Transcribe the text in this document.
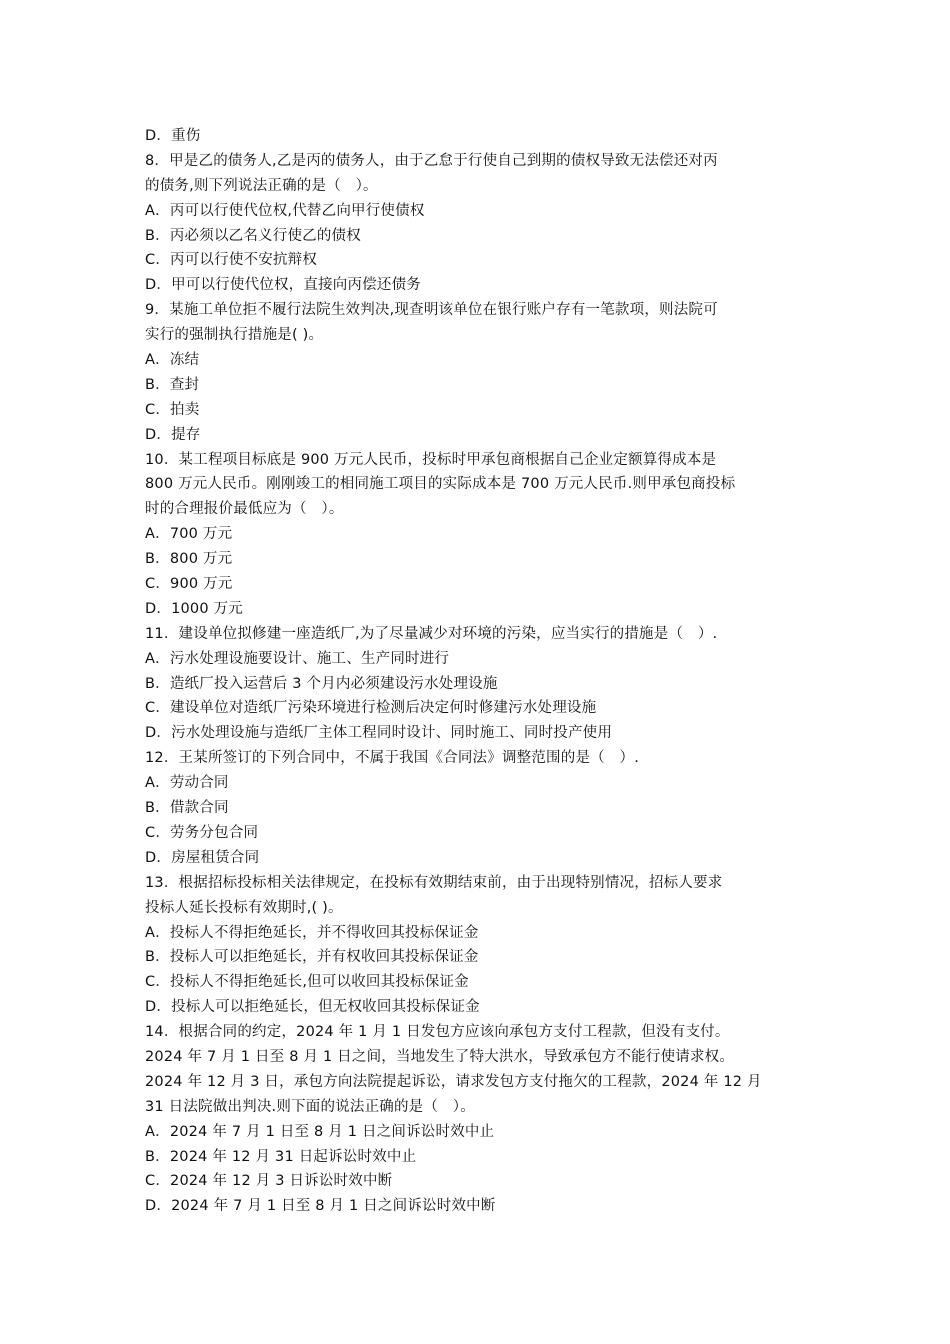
D．重伤
8．甲是乙的债务人,乙是丙的债务人，由于乙怠于行使自己到期的债权导致无法偿还对丙
的债务,则下列说法正确的是（　）。
A．丙可以行使代位权,代替乙向甲行使债权
B．丙必须以乙名义行使乙的债权
C．丙可以行使不安抗辩权
D．甲可以行使代位权，直接向丙偿还债务
9．某施工单位拒不履行法院生效判决,现查明该单位在银行账户存有一笔款项，则法院可
实行的强制执行措施是( )。
A．冻结
B．查封
C．拍卖
D．提存
10．某工程项目标底是 900 万元人民币，投标时甲承包商根据自己企业定额算得成本是
800 万元人民币。刚刚竣工的相同施工项目的实际成本是 700 万元人民币.则甲承包商投标
时的合理报价最低应为（　）。
A．700 万元
B．800 万元
C．900 万元
D．1000 万元
11．建设单位拟修建一座造纸厂,为了尽量减少对环境的污染，应当实行的措施是（　）.
A．污水处理设施要设计、施工、生产同时进行
B．造纸厂投入运营后 3 个月内必须建设污水处理设施
C．建设单位对造纸厂污染环境进行检测后决定何时修建污水处理设施
D．污水处理设施与造纸厂主体工程同时设计、同时施工、同时投产使用
12．王某所签订的下列合同中，不属于我国《合同法》调整范围的是（　）.
A．劳动合同
B．借款合同
C．劳务分包合同
D．房屋租赁合同
13．根据招标投标相关法律规定，在投标有效期结束前，由于出现特别情况，招标人要求
投标人延长投标有效期时,( )。
A．投标人不得拒绝延长，并不得收回其投标保证金
B．投标人可以拒绝延长，并有权收回其投标保证金
C．投标人不得拒绝延长,但可以收回其投标保证金
D．投标人可以拒绝延长，但无权收回其投标保证金
14．根据合同的约定，2024 年 1 月 1 日发包方应该向承包方支付工程款，但没有支付。
2024 年 7 月 1 日至 8 月 1 日之间，当地发生了特大洪水，导致承包方不能行使请求权。
2024 年 12 月 3 日，承包方向法院提起诉讼，请求发包方支付拖欠的工程款，2024 年 12 月
31 日法院做出判决.则下面的说法正确的是（　）。
A．2024 年 7 月 1 日至 8 月 1 日之间诉讼时效中止
B．2024 年 12 月 31 日起诉讼时效中止
C．2024 年 12 月 3 日诉讼时效中断
D．2024 年 7 月 1 日至 8 月 1 日之间诉讼时效中断
